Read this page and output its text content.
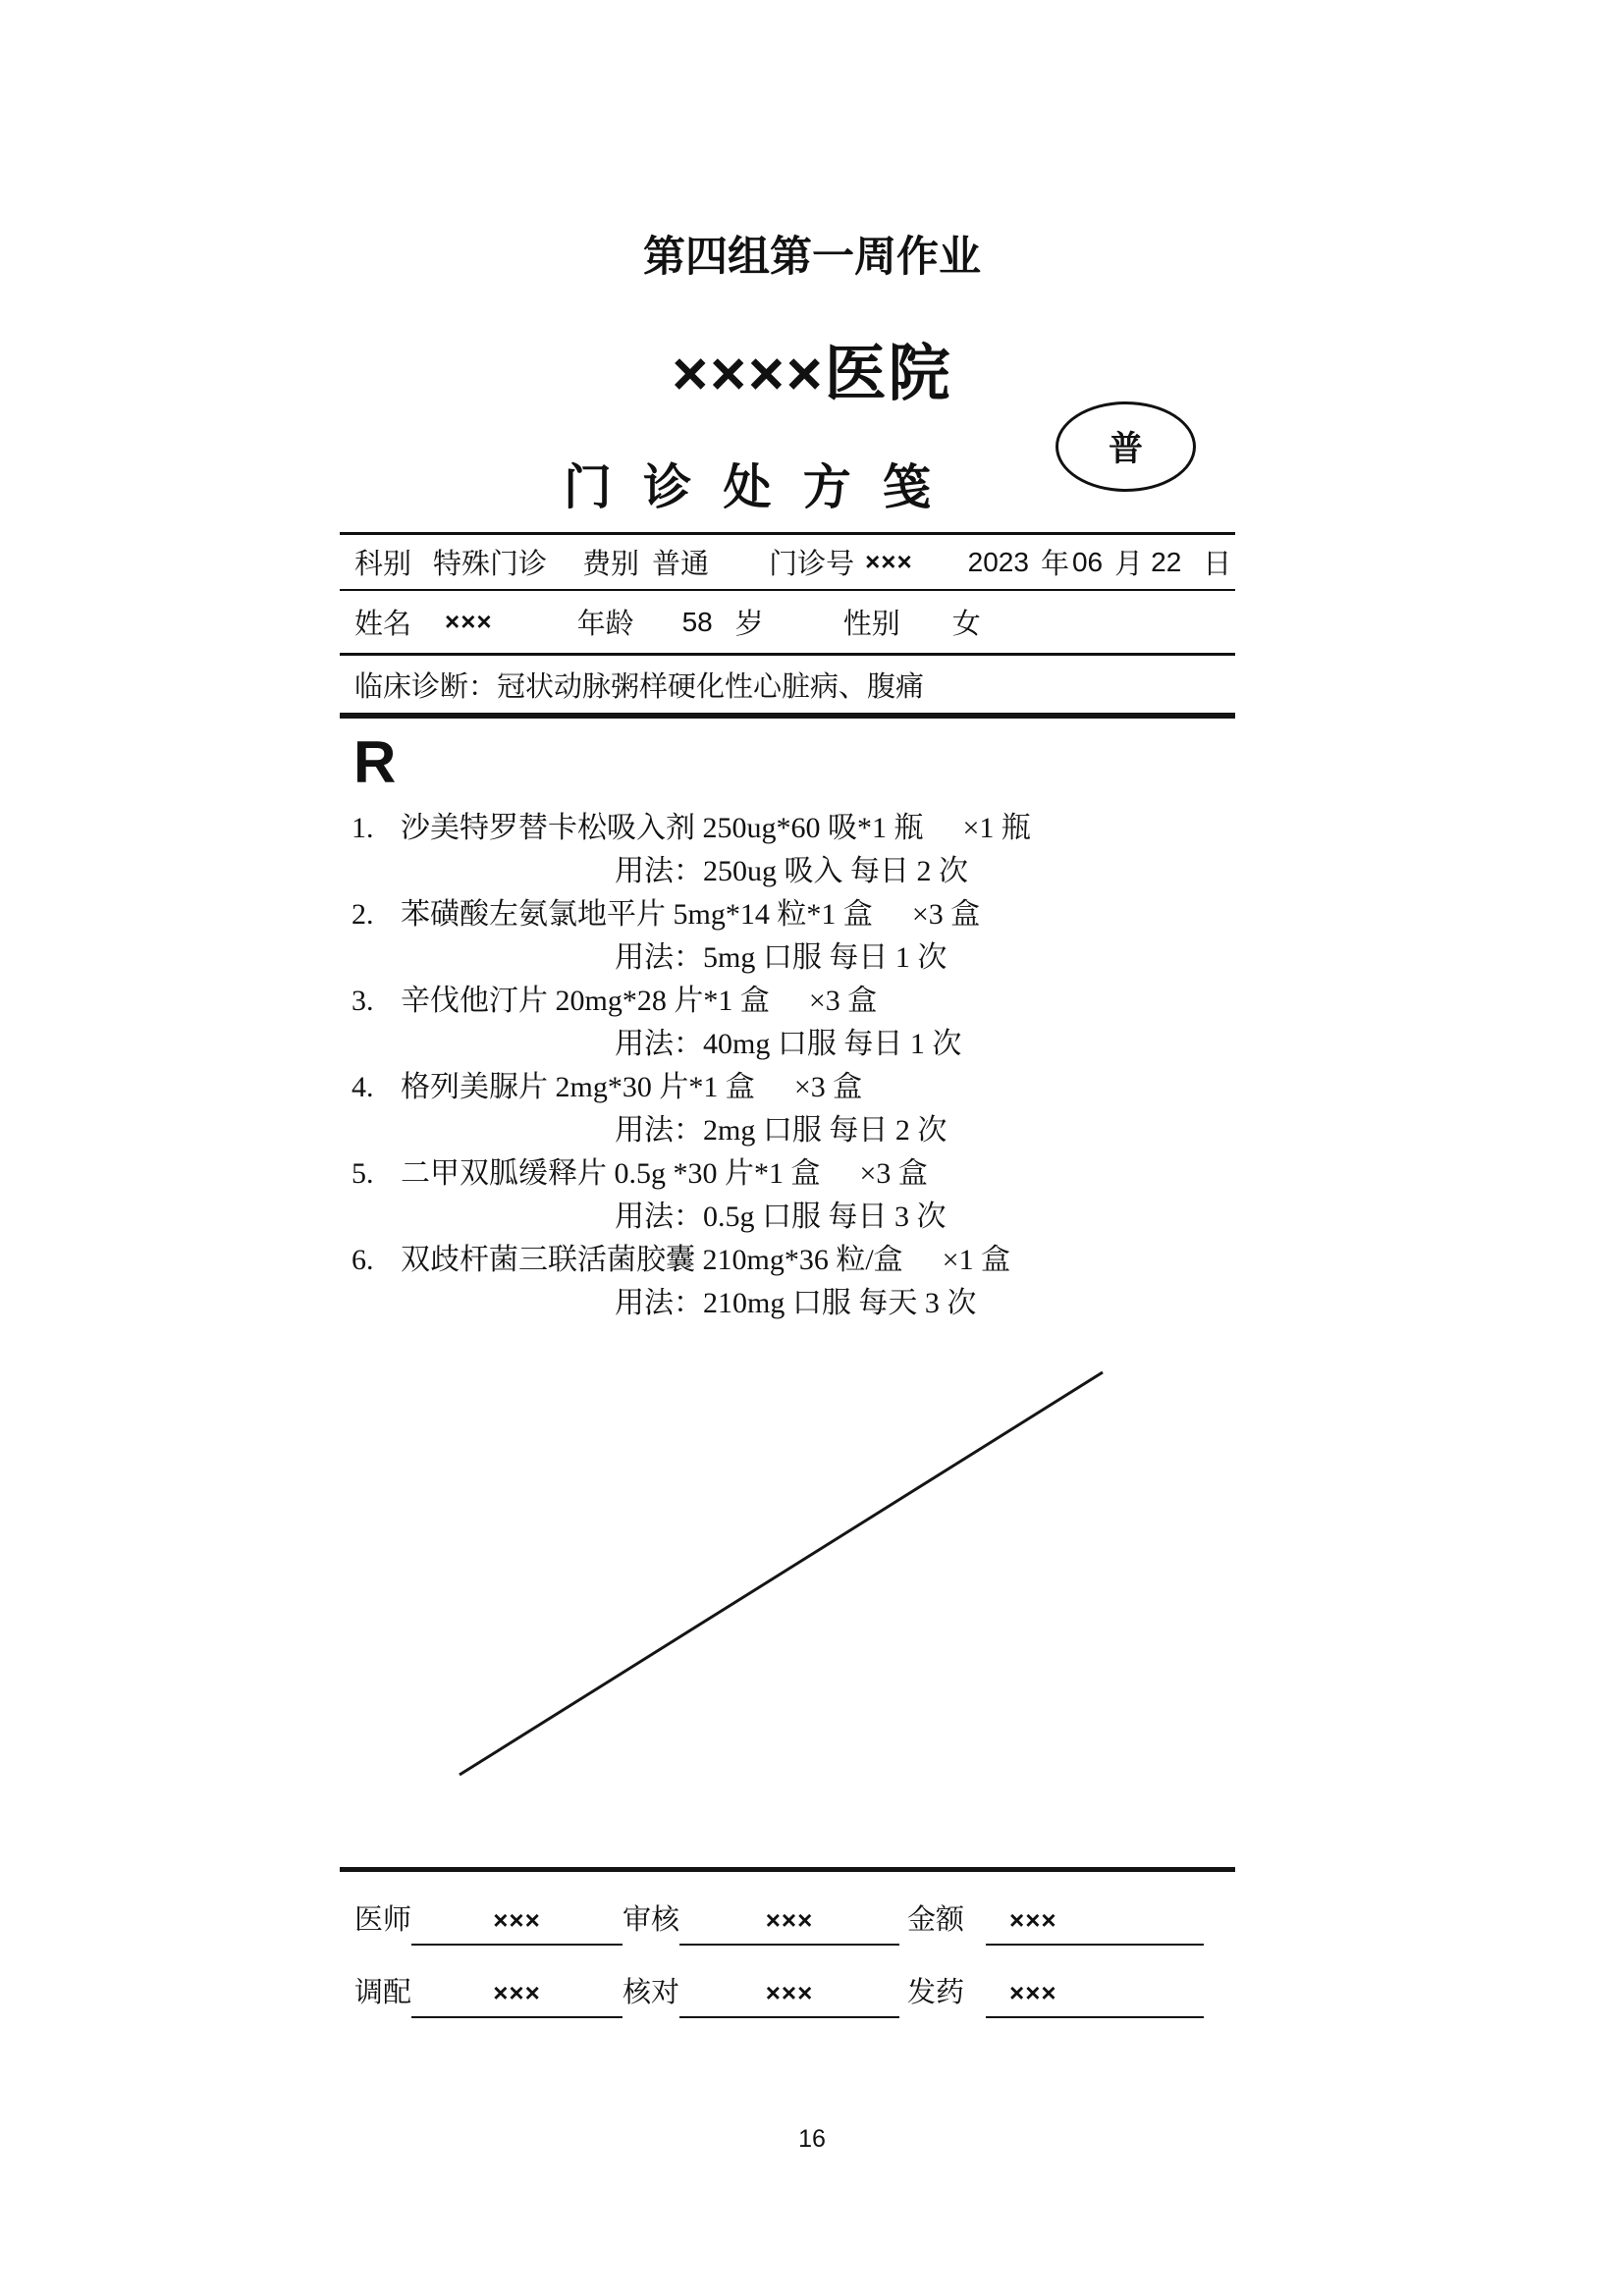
第四组第一周作业
××××医院
门 诊 处 方 笺
普
科别 特殊门诊 费别 普通 门诊号 ××× 2023 年 06 月 22 日
姓名 ×××	年龄 58 岁	性别 女
临床诊断： 冠状动脉粥样硬化性心脏病、腹痛
R
1. 沙美特罗替卡松吸入剂 250ug*60 吸*1 瓶 ×1 瓶
用法：250ug 吸入 每日 2 次
2. 苯磺酸左氨氯地平片 5mg*14 粒*1 盒 ×3 盒
用法：5mg 口服 每日 1 次
3. 辛伐他汀片 20mg*28 片*1 盒 ×3 盒
用法：40mg 口服 每日 1 次
4. 格列美脲片 2mg*30 片*1 盒 ×3 盒
用法：2mg 口服 每日 2 次
5. 二甲双胍缓释片 0.5g *30 片*1 盒 ×3 盒
用法：0.5g 口服 每日 3 次
6. 双歧杆菌三联活菌胶囊 210mg*36 粒/盒 ×1 盒
用法：210mg 口服 每天 3 次
医师	×××	审核	×××	金额	×××
调配	×××	核对	×××	发药	×××
16
